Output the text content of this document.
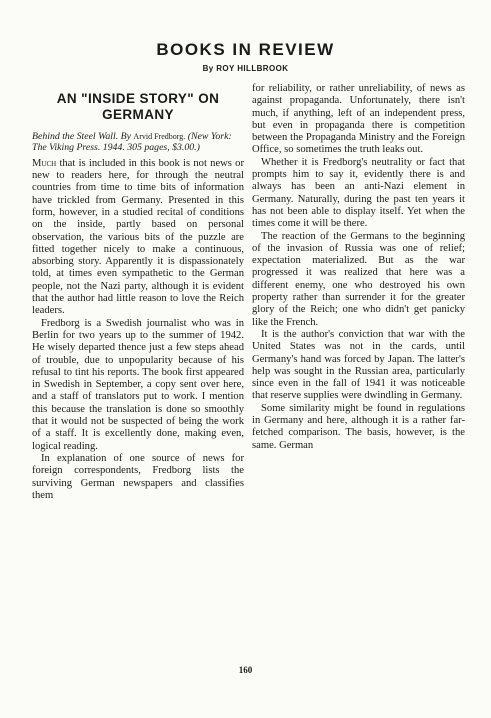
BOOKS IN REVIEW
By ROY HILLBROOK
AN "INSIDE STORY" ON GERMANY
Behind the Steel Wall. By Arvid Fredborg. (New York: The Viking Press. 1944. 305 pages, $3.00.)

Much that is included in this book is not news or new to readers here, for through the neutral countries from time to time bits of information have trickled from Germany. Presented in this form, however, in a studied recital of conditions on the inside, partly based on personal observation, the various bits of the puzzle are fitted together nicely to make a continuous, absorbing story. Apparently it is dispassionately told, at times even sympathetic to the German people, not the Nazi party, although it is evident that the author had little reason to love the Reich leaders.

Fredborg is a Swedish journalist who was in Berlin for two years up to the summer of 1942. He wisely departed thence just a few steps ahead of trouble, due to unpopularity because of his refusal to tint his reports. The book first appeared in Swedish in September, a copy sent over here, and a staff of translators put to work. I mention this because the translation is done so smoothly that it would not be suspected of being the work of a staff. It is excellently done, making even, logical reading.

In explanation of one source of news for foreign correspondents, Fredborg lists the surviving German newspapers and classifies them

for reliability, or rather unreliability, of news as against propaganda. Unfortunately, there isn't much, if anything, left of an independent press, but even in propaganda there is competition between the Propaganda Ministry and the Foreign Office, so sometimes the truth leaks out.

Whether it is Fredborg's neutrality or fact that prompts him to say it, evidently there is and always has been an anti-Nazi element in Germany. Naturally, during the past ten years it has not been able to display itself. Yet when the times come it will be there.

The reaction of the Germans to the beginning of the invasion of Russia was one of relief; expectation materialized. But as the war progressed it was realized that here was a different enemy, one who destroyed his own property rather than surrender it for the greater glory of the Reich; one who didn't get panicky like the French.

It is the author's conviction that war with the United States was not in the cards, until Germany's hand was forced by Japan. The latter's help was sought in the Russian area, particularly since even in the fall of 1941 it was noticeable that reserve supplies were dwindling in Germany.

Some similarity might be found in regulations in Germany and here, although it is a rather far-fetched comparison. The basis, however, is the same. German

160
